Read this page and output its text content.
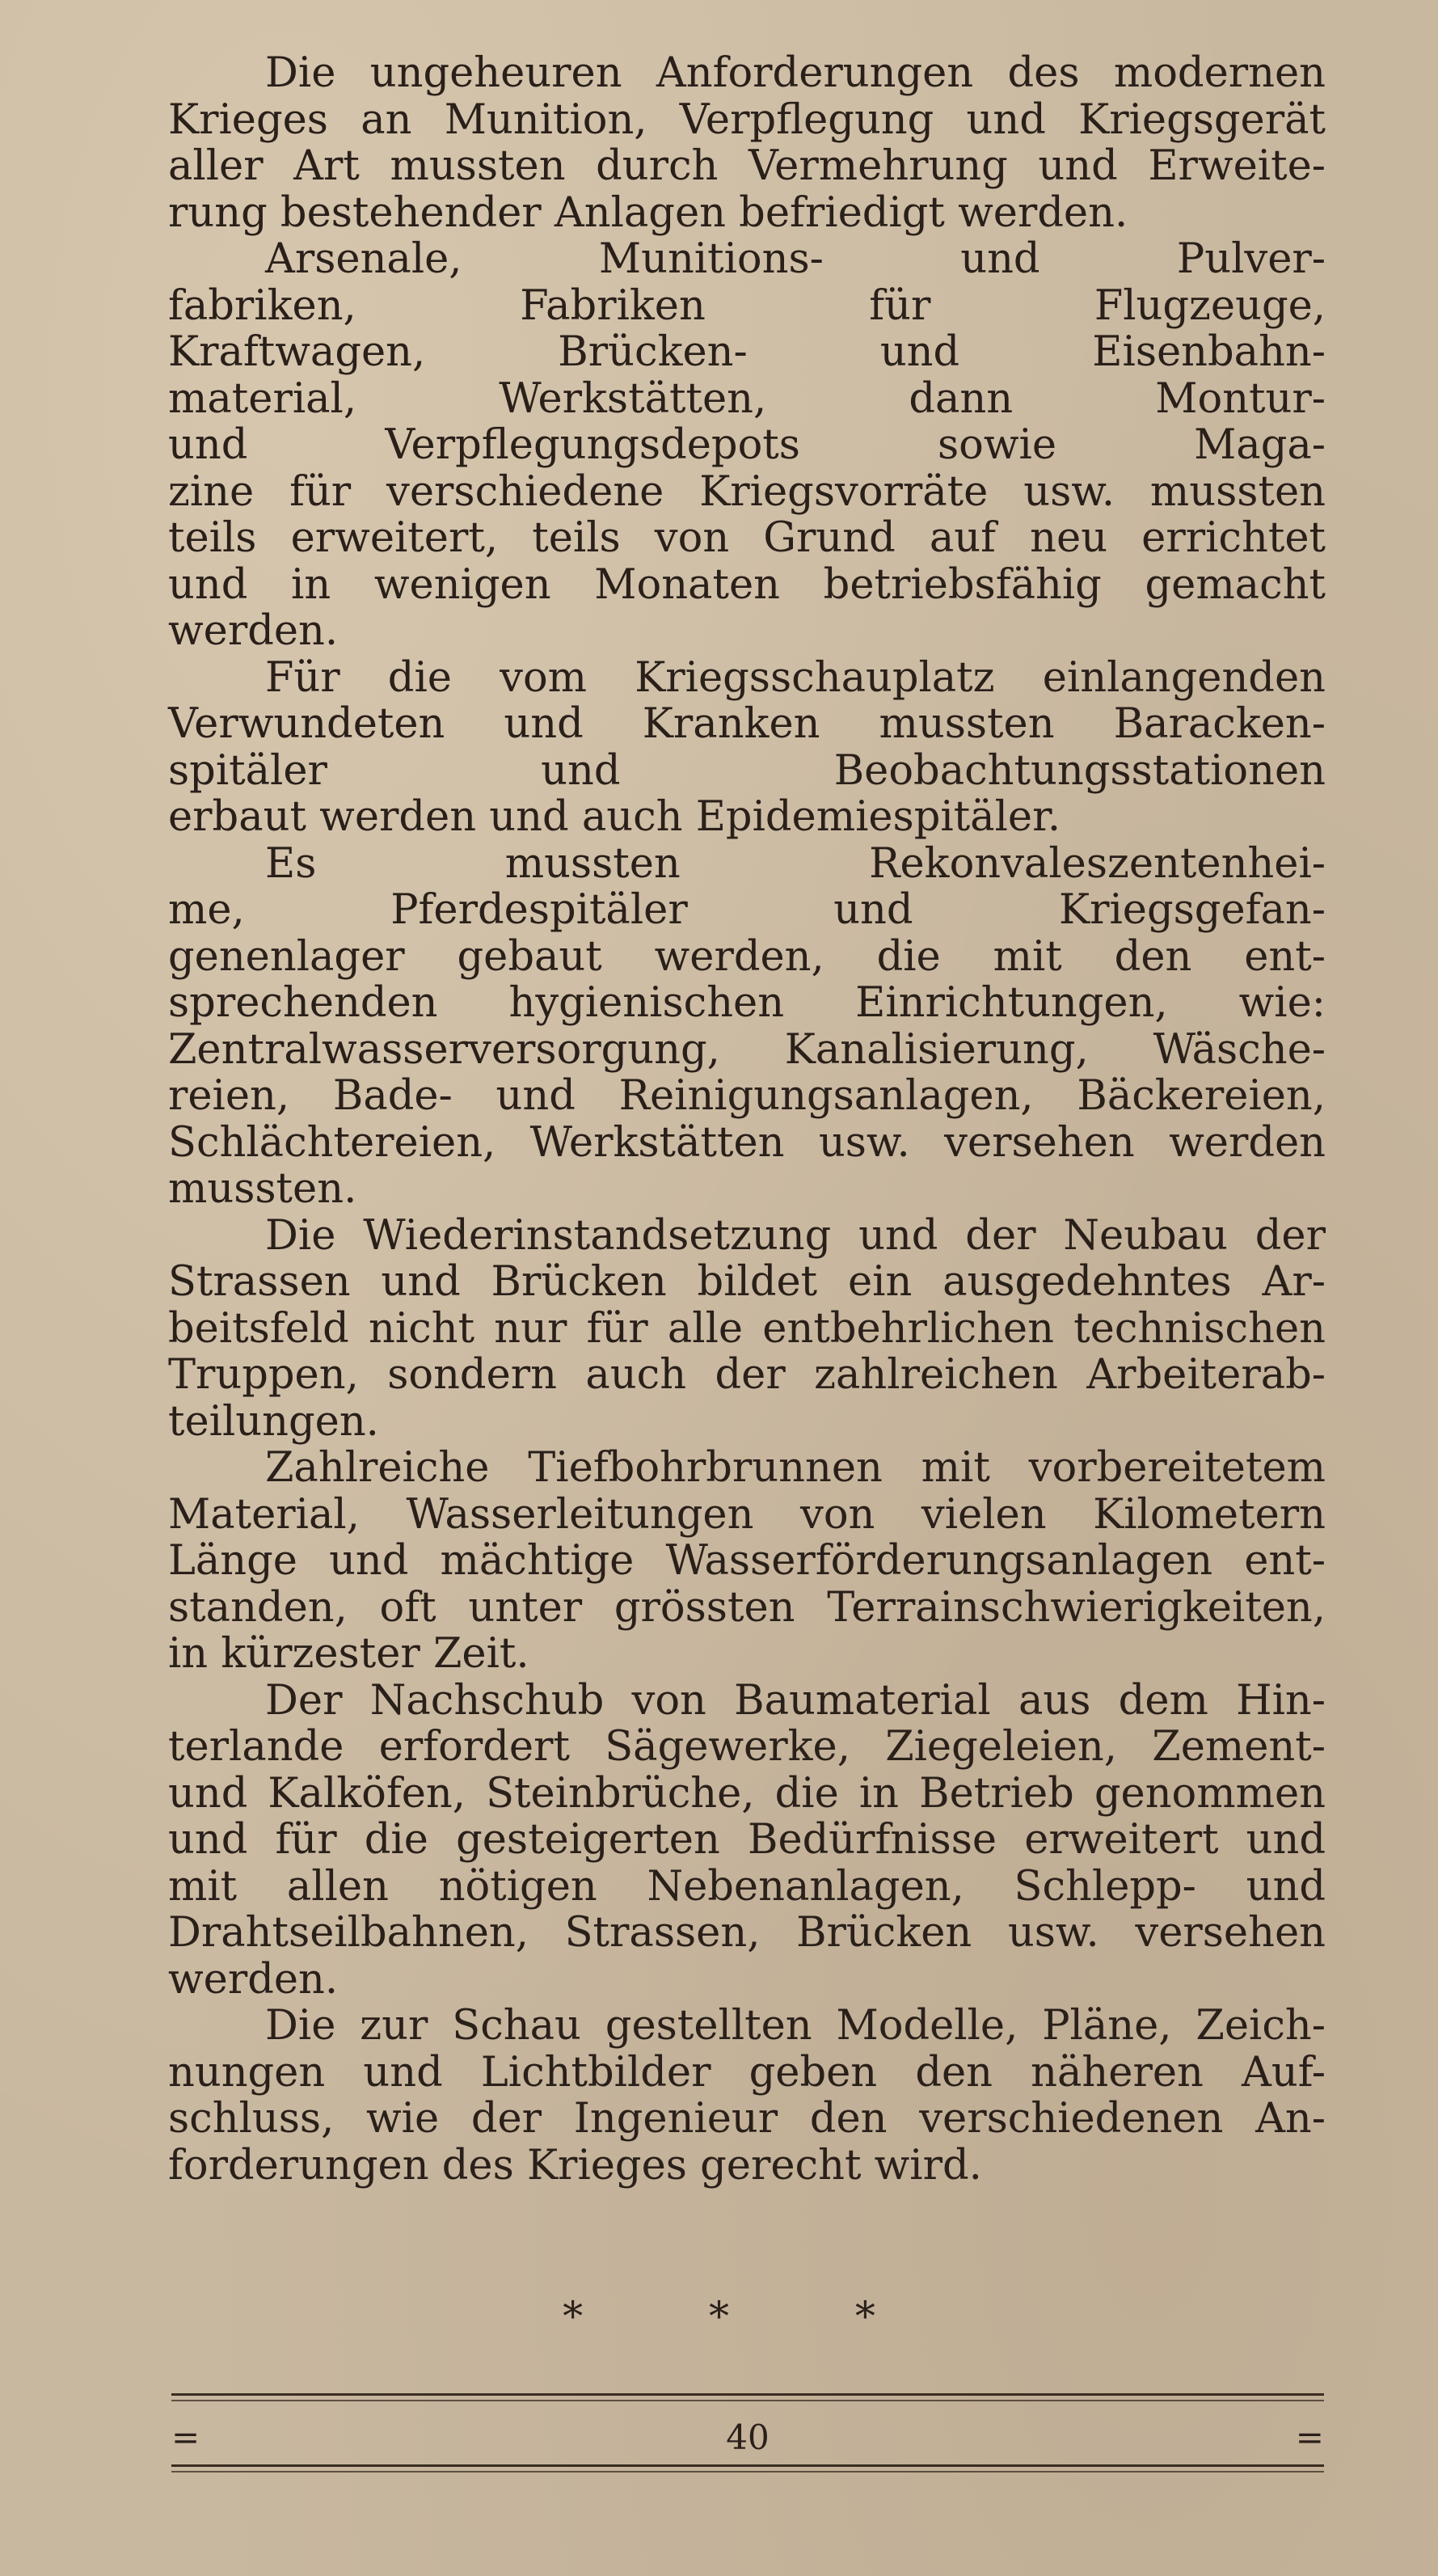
Die ungeheuren Anforderungen des modernen
Krieges an Munition, Verpflegung und Kriegsgerät
aller Art mussten durch Vermehrung und Erweite-
rung bestehender Anlagen befriedigt werden.

Arsenale, Munitions- und Pulver-
fabriken, Fabriken für Flugzeuge,
Kraftwagen, Brücken- und Eisenbahn-
material, Werkstätten, dann Montur-
und Verpflegungsdepots sowie Maga-
zine für verschiedene Kriegsvorräte usw. mussten
teils erweitert, teils von Grund auf neu errichtet
und in wenigen Monaten betriebsfähig gemacht
werden.

Für die vom Kriegsschauplatz einlangenden
Verwundeten und Kranken mussten Baracken-
spitäler und Beobachtungsstationen
erbaut werden und auch Epidemiespitäler.

Es mussten Rekonvaleszentenhei-
me, Pferdespitäler und Kriegsgefan-
genenlager gebaut werden, die mit den ent-
sprechenden hygienischen Einrichtungen, wie:
Zentralwasserversorgung, Kanalisierung, Wäsche-
reien, Bade- und Reinigungsanlagen, Bäckereien,
Schlächtereien, Werkstätten usw. versehen werden
mussten.

Die Wiederinstandsetzung und der Neubau der
Strassen und Brücken bildet ein ausgedehntes Ar-
beitsfeld nicht nur für alle entbehrlichen technischen
Truppen, sondern auch der zahlreichen Arbeiterab-
teilungen.

Zahlreiche Tiefbohrbrunnen mit vorbereitetem
Material, Wasserleitungen von vielen Kilometern
Länge und mächtige Wasserförderungsanlagen ent-
standen, oft unter grössten Terrainschwierigkeiten,
in kürzester Zeit.

Der Nachschub von Baumaterial aus dem Hin-
terlande erfordert Sägewerke, Ziegeleien, Zement-
und Kalköfen, Steinbrüche, die in Betrieb genommen
und für die gesteigerten Bedürfnisse erweitert und
mit allen nötigen Nebenanlagen, Schlepp- und
Drahtseilbahnen, Strassen, Brücken usw. versehen
werden.

Die zur Schau gestellten Modelle, Pläne, Zeich-
nungen und Lichtbilder geben den näheren Auf-
schluss, wie der Ingenieur den verschiedenen An-
forderungen des Krieges gerecht wird.

* * *
=	40	=
